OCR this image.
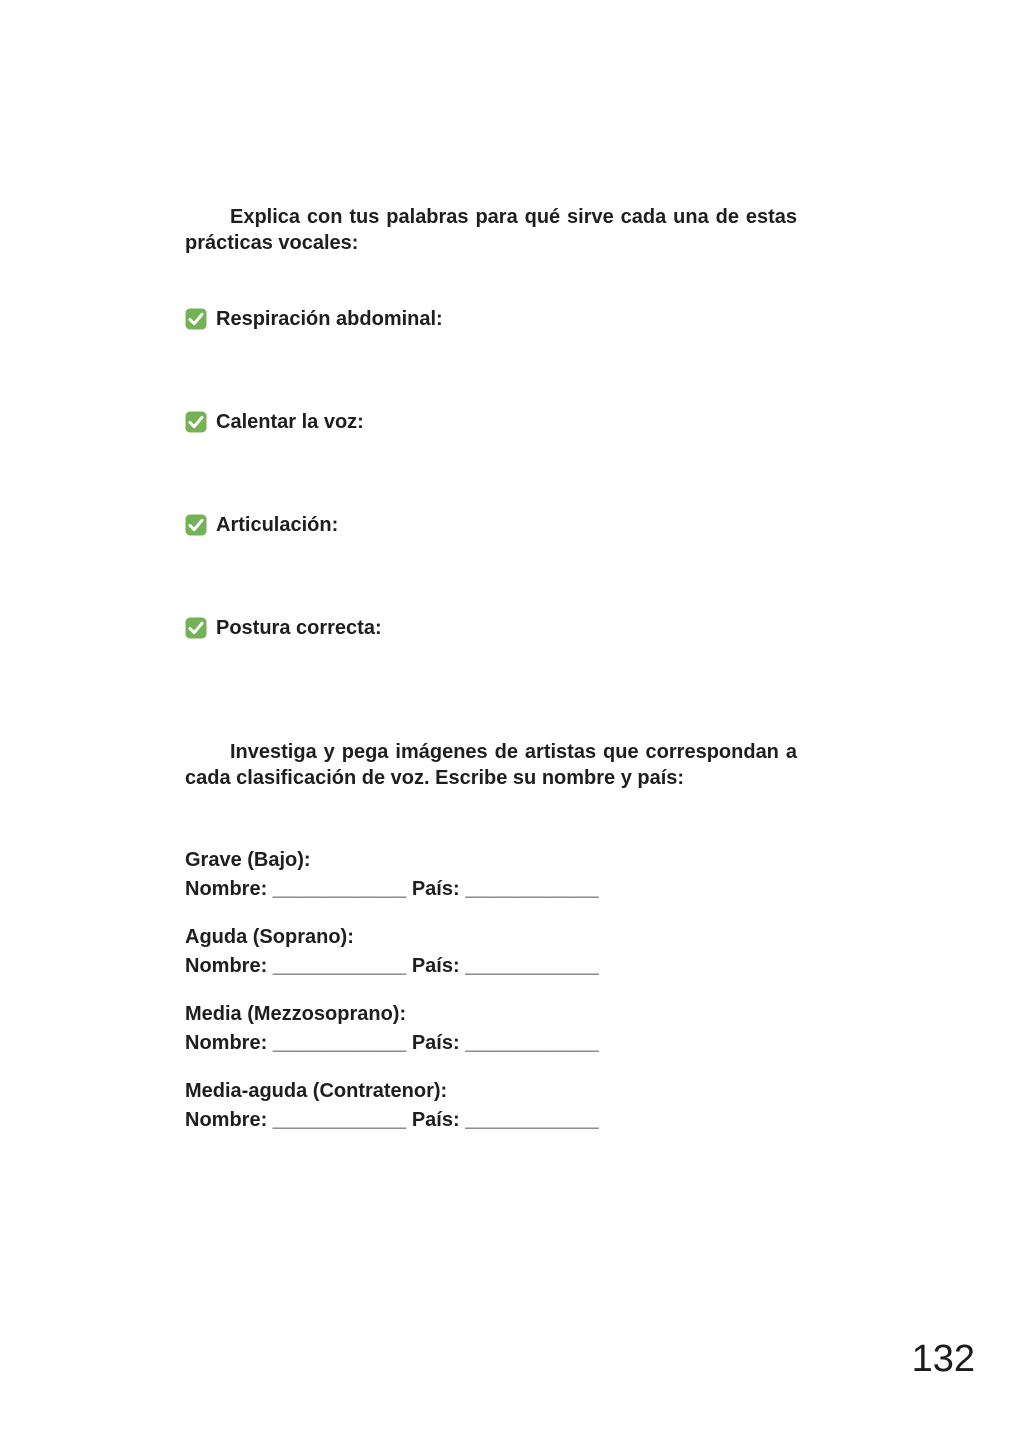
Explica con tus palabras para qué sirve cada una de estas prácticas vocales:

Respiración abdominal:
Calentar la voz:
Articulación:
Postura correcta:

Investiga y pega imágenes de artistas que correspondan a cada clasificación de voz. Escribe su nombre y país:

Grave (Bajo):
Nombre: ____________ País: ____________
Aguda (Soprano):
Nombre: ____________ País: ____________
Media (Mezzosoprano):
Nombre: ____________ País: ____________
Media-aguda (Contratenor):
Nombre: ____________ País: ____________
132
